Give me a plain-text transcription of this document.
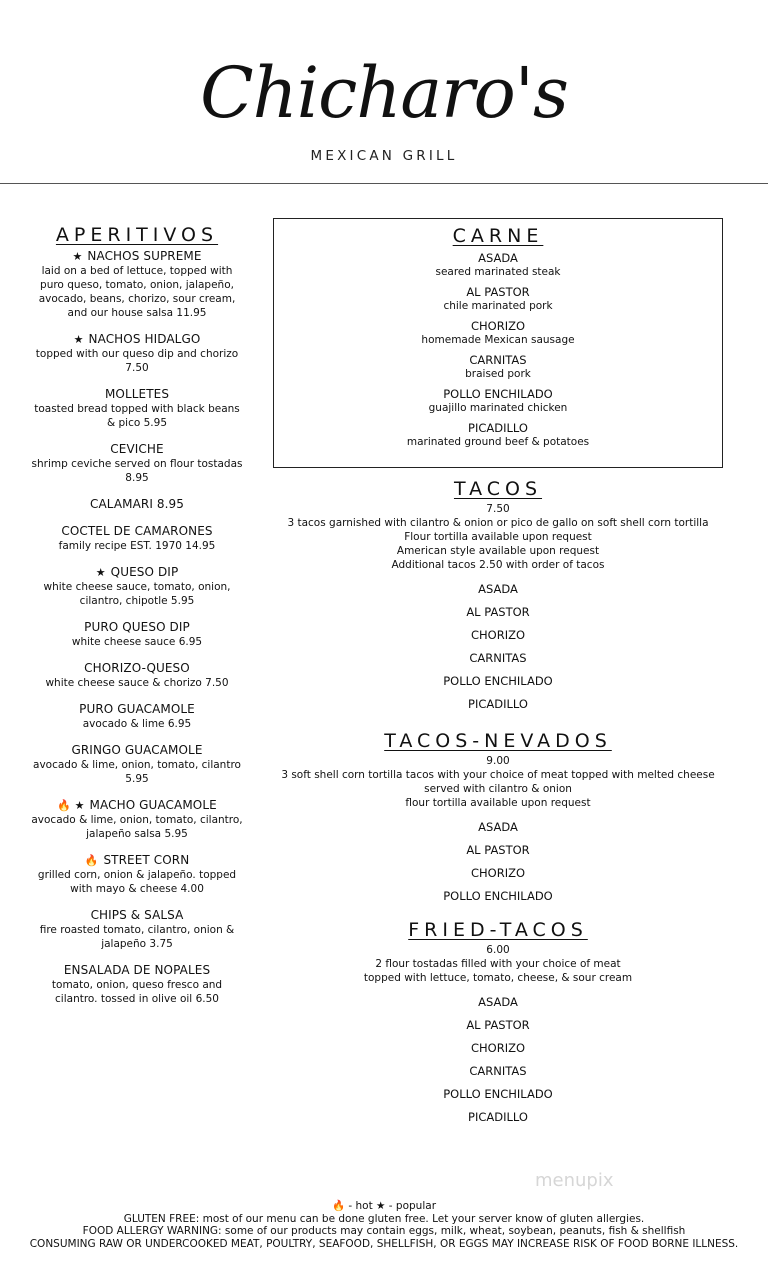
Chicharo's
MEXICAN GRILL
APERITIVOS
★ NACHOS SUPREME
laid on a bed of lettuce, topped with puro queso, tomato, onion, jalapeño, avocado, beans, chorizo, sour cream, and our house salsa 11.95
★ NACHOS HIDALGO
topped with our queso dip and chorizo 7.50
MOLLETES
toasted bread topped with black beans & pico 5.95
CEVICHE
shrimp ceviche served on flour tostadas 8.95
CALAMARI 8.95
COCTEL DE CAMARONES
family recipe EST. 1970 14.95
★ QUESO DIP
white cheese sauce, tomato, onion, cilantro, chipotle 5.95
PURO QUESO DIP
white cheese sauce 6.95
CHORIZO-QUESO
white cheese sauce & chorizo 7.50
PURO GUACAMOLE
avocado & lime 6.95
GRINGO GUACAMOLE
avocado & lime, onion, tomato, cilantro 5.95
🔥 ★ MACHO GUACAMOLE
avocado & lime, onion, tomato, cilantro, jalapeño salsa 5.95
🔥 STREET CORN
grilled corn, onion & jalapeño. topped with mayo & cheese 4.00
CHIPS & SALSA
fire roasted tomato, cilantro, onion & jalapeño 3.75
ENSALADA DE NOPALES
tomato, onion, queso fresco and cilantro. tossed in olive oil 6.50
CARNE
ASADA
seared marinated steak
AL PASTOR
chile marinated pork
CHORIZO
homemade Mexican sausage
CARNITAS
braised pork
POLLO ENCHILADO
guajillo marinated chicken
PICADILLO
marinated ground beef & potatoes
TACOS
7.50
3 tacos garnished with cilantro & onion or pico de gallo on soft shell corn tortilla
Flour tortilla available upon request
American style available upon request
Additional tacos 2.50 with order of tacos
ASADA
AL PASTOR
CHORIZO
CARNITAS
POLLO ENCHILADO
PICADILLO
TACOS-NEVADOS
9.00
3 soft shell corn tortilla tacos with your choice of meat topped with melted cheese
served with cilantro & onion
flour tortilla available upon request
ASADA
AL PASTOR
CHORIZO
POLLO ENCHILADO
FRIED-TACOS
6.00
2 flour tostadas filled with your choice of meat
topped with lettuce, tomato, cheese, & sour cream
ASADA
AL PASTOR
CHORIZO
CARNITAS
POLLO ENCHILADO
PICADILLO
menupix
🔥 - hot ★ - popular
GLUTEN FREE: most of our menu can be done gluten free. Let your server know of gluten allergies.
FOOD ALLERGY WARNING: some of our products may contain eggs, milk, wheat, soybean, peanuts, fish & shellfish
CONSUMING RAW OR UNDERCOOKED MEAT, POULTRY, SEAFOOD, SHELLFISH, OR EGGS MAY INCREASE RISK OF FOOD BORNE ILLNESS.
